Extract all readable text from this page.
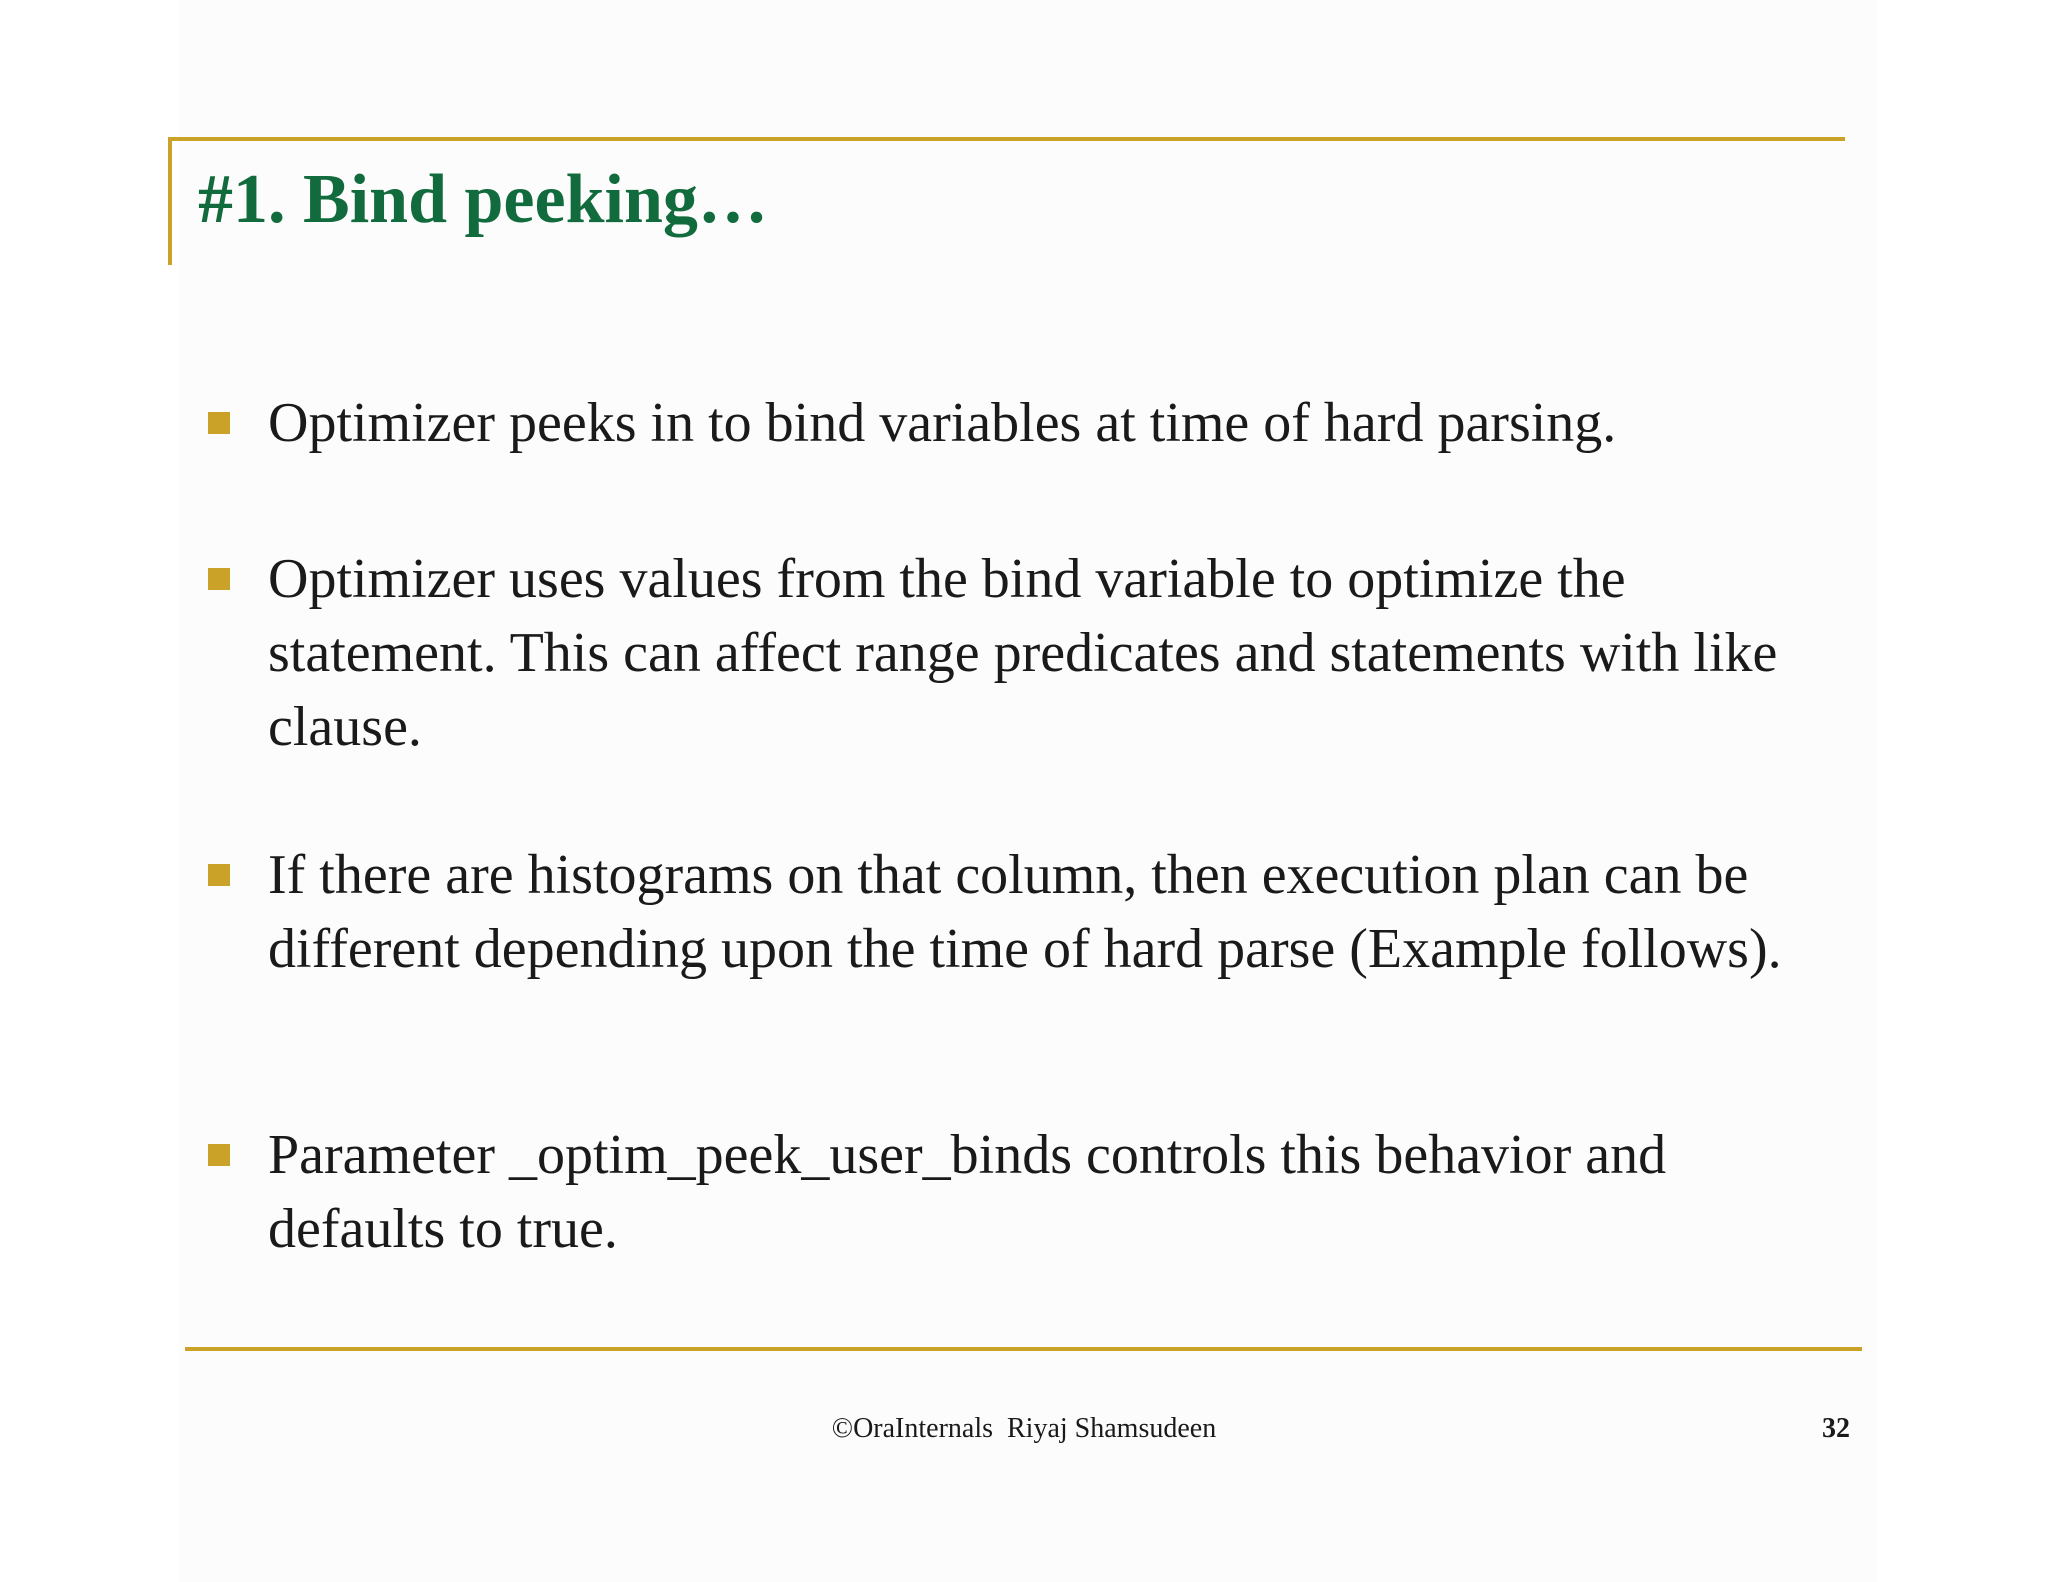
#1. Bind peeking…
Optimizer peeks in to bind variables at time of hard parsing.
Optimizer uses values from the bind variable to optimize the statement. This can affect range predicates and statements with like clause.
If there are histograms on that column, then execution plan can be different depending upon the time of hard parse (Example follows).
Parameter _optim_peek_user_binds controls this behavior and defaults to true.
©OraInternals  Riyaj Shamsudeen	32
